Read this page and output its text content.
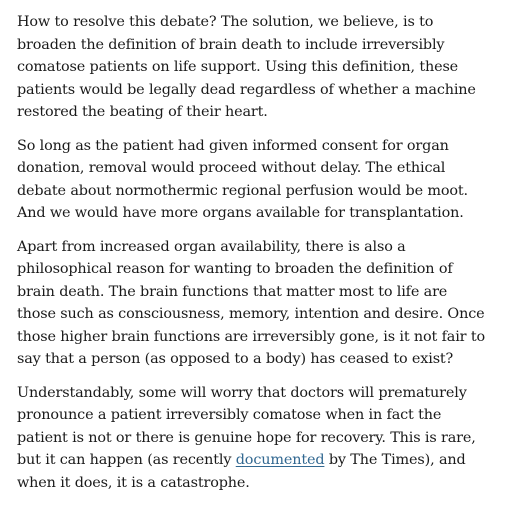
How to resolve this debate? The solution, we believe, is to broaden the definition of brain death to include irreversibly comatose patients on life support. Using this definition, these patients would be legally dead regardless of whether a machine restored the beating of their heart.

So long as the patient had given informed consent for organ donation, removal would proceed without delay. The ethical debate about normothermic regional perfusion would be moot. And we would have more organs available for transplantation.

Apart from increased organ availability, there is also a philosophical reason for wanting to broaden the definition of brain death. The brain functions that matter most to life are those such as consciousness, memory, intention and desire. Once those higher brain functions are irreversibly gone, is it not fair to say that a person (as opposed to a body) has ceased to exist?

Understandably, some will worry that doctors will prematurely pronounce a patient irreversibly comatose when in fact the patient is not or there is genuine hope for recovery. This is rare, but it can happen (as recently documented by The Times), and when it does, it is a catastrophe.
